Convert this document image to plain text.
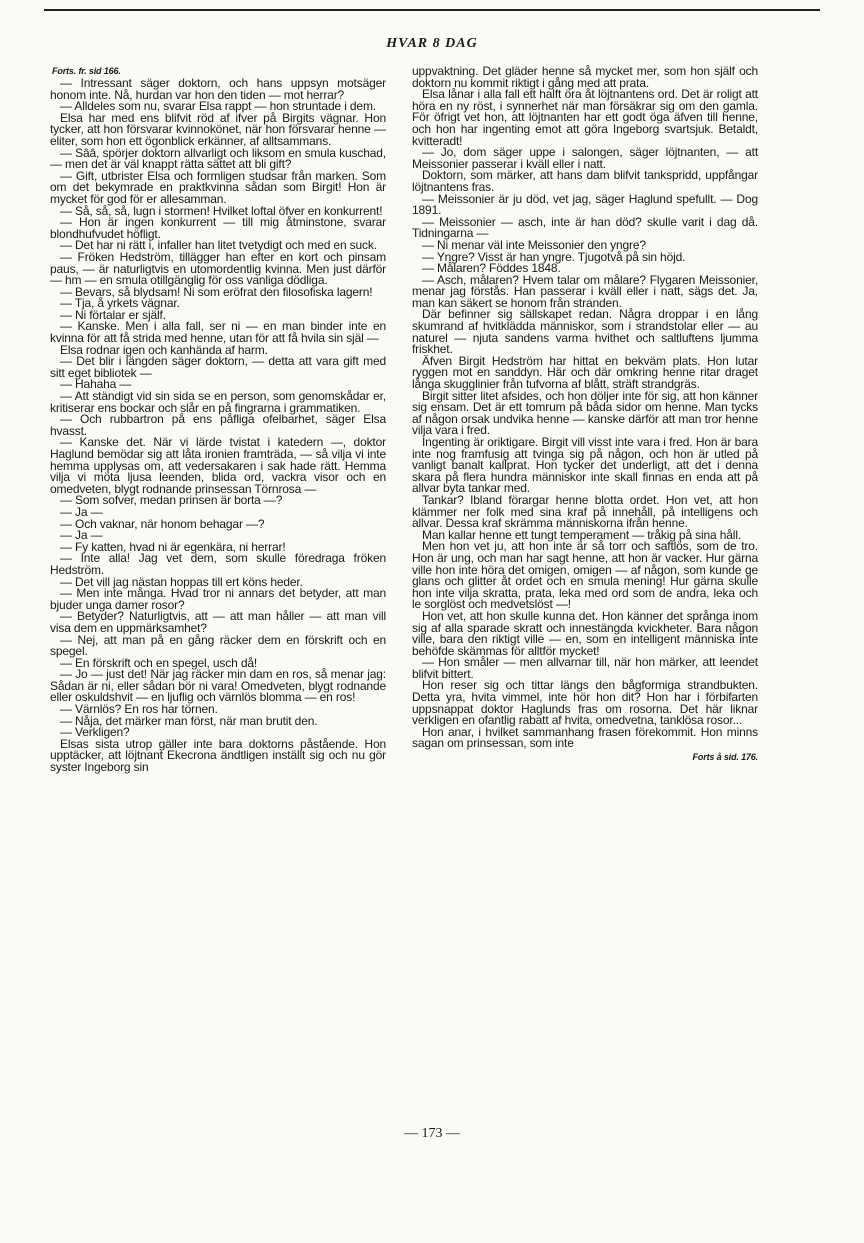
HVAR 8 DAG
Forts. fr. sid 166.

— Intressant säger doktorn, och hans uppsyn motsäger honom inte. Nå, hurdan var hon den tiden — mot herrar?

— Alldeles som nu, svarar Elsa rappt — hon struntade i dem.

Elsa har med ens blifvit röd af ifver på Birgits vägnar. Hon tycker, att hon försvarar kvinnokönet, när hon försvarar henne — eliter, som hon ett ögonblick erkänner, af alltsammans.

— Sââ, spörjer doktorn allvarligt och liksom en smula kuschad, — men det är väl knappt rätta sättet att bli gift?

— Gift, utbrister Elsa och formligen studsar från marken. Som om det bekymrade en praktkvinna sådan som Birgit! Hon är mycket för god för er allesamman.

— Så, så, så, lugn i stormen! Hvilket loftal öfver en konkurrent!

— Hon är ingen konkurrent — till mig åtminstone, svarar blondhufvudet höfligt.

— Det har ni rätt i, infaller han litet tvetydigt och med en suck.

— Fröken Hedström, tillägger han efter en kort och pinsam paus, — är naturligtvis en utomordentlig kvinna. Men just därför — hm — en smula otillgänglig för oss vanliga dödliga.

— Bevars, så blydsam! Ni som eröfrat den filosofiska lagern!

— Tja, å yrkets vägnar.

— Ni förtalar er själf.

— Kanske. Men i alla fall, ser ni — en man binder inte en kvinna för att få strida med henne, utan för att få hvila sin själ —

Elsa rodnar igen och kanhända af harm.

— Det blir i längden säger doktorn, — detta att vara gift med sitt eget bibliotek —

— Hahaha —

— Att ständigt vid sin sida se en person, som genomskådar er, kritiserar ens bockar och slår en på fingrarna i grammatiken.

— Och rubbartron på ens påfliga ofelbarhet, säger Elsa hvasst.

— Kanske det. När vi lärde tvistat i katedern —, doktor Haglund bemödar sig att låta ironien framträda, — så vilja vi inte hemma upplysas om, att vedersakaren i sak hade rätt. Hemma vilja vi möta ljusa leenden, blida ord, vackra visor och en omedveten, blygt rodnande prinsessan Törnrosa —

— Som sofver, medan prinsen är borta —?

— Ja —

— Och vaknar, när honom behagar —?

— Ja —

— Fy katten, hvad ni är egenkära, ni herrar!

— Inte alla! Jag vet dem, som skulle föredraga fröken Hedström.

— Det vill jag nästan hoppas till ert köns heder.

— Men inte många. Hvad tror ni annars det betyder, att man bjuder unga damer rosor?

— Betyder? Naturligtvis, att — att man håller — att man vill visa dem en uppmärksamhet?

— Nej, att man på en gång räcker dem en förskrift och en spegel.

— En förskrift och en spegel, usch då!

— Jo — just det! När jag räcker min dam en ros, så menar jag: Sådan är ni, eller sådan bör ni vara! Omedveten, blygt rodnande eller oskuldshvit — en ljuflig och värnlös blomma — en ros!

— Värnlös? En ros har törnen.

— Nåja, det märker man först, när man brutit den.

— Verkligen?

Elsas sista utrop gäller inte bara doktorns påstående. Hon upptäcker, att löjtnant Ekecrona ändtligen inställt sig och nu gör syster Ingeborg sin

uppvaktning. Det gläder henne så mycket mer, som hon själf och doktorn nu kommit riktigt i gång med att prata.

Elsa lånar i alla fall ett halft öra åt löjtnantens ord. Det är roligt att höra en ny röst, i synnerhet när man försäkrar sig om den gamla. För öfrigt vet hon, att löjtnanten har ett godt öga äfven till henne, och hon har ingenting emot att göra Ingeborg svartsjuk. Betaldt, kvitteradt!

— Jo, dom säger uppe i salongen, säger löjtnanten, — att Meissonier passerar i kväll eller i natt.

Doktorn, som märker, att hans dam blifvit tankspridd, uppfångar löjtnantens fras.

— Meissonier är ju död, vet jag, säger Haglund spefullt. — Dog 1891.

— Meissonier — asch, inte är han död? skulle varit i dag då. Tidningarna —

— Ni menar väl inte Meissonier den yngre?

— Yngre? Visst är han yngre. Tjugotvå på sin höjd.

— Målaren? Föddes 1848.

— Asch, målaren? Hvem talar om målare? Flygaren Meissonier, menar jag förstås. Han passerar i kväll eller i natt, sägs det. Ja, man kan säkert se honom från stranden.

Där befinner sig sällskapet redan. Några droppar i en lång skumrand af hvitklädda människor, som i strandstolar eller — au naturel — njuta sandens varma hvithet och saltluftens ljumma friskhet.

Äfven Birgit Hedström har hittat en bekväm plats. Hon lutar ryggen mot en sanddyn. Här och där omkring henne ritar draget långa skugglinier från tufvorna af blått, sträft strandgräs.

Birgit sitter litet afsides, och hon döljer inte för sig, att hon känner sig ensam. Det är ett tomrum på båda sidor om henne. Man tycks af någon orsak undvika henne — kanske därför att man tror henne vilja vara i fred.

Ingenting är oriktigare. Birgit vill visst inte vara i fred. Hon är bara inte nog framfusig att tvinga sig på någon, och hon är utled på vanligt banalt kallprat. Hon tycker det underligt, att det i denna skara på flera hundra människor inte skall finnas en enda att på allvar byta tankar med.

Tankar? Ibland förargar henne blotta ordet. Hon vet, att hon klämmer ner folk med sina kraf på innehåll, på intelligens och allvar. Dessa kraf skrämma människorna ifrån henne.

Man kallar henne ett tungt temperament — tråkig på sina håll.

Men hon vet ju, att hon inte är så torr och saftlös, som de tro. Hon är ung, och man har sagt henne, att hon är vacker. Hur gärna ville hon inte höra det omigen, omigen — af någon, som kunde ge glans och glitter åt ordet och en smula mening! Hur gärna skulle hon inte vilja skratta, prata, leka med ord som de andra, leka och le sorglöst och medvetslöst —!

Hon vet, att hon skulle kunna det. Hon känner det språnga inom sig af alla sparade skratt och innestängda kvickheter. Bara någon ville, bara den riktigt ville — en, som en intelligent människa inte behöfde skämmas för alltför mycket!

— Hon småler — men allvarnar till, när hon märker, att leendet blifvit bittert.

Hon reser sig och tittar längs den bågformiga strandbukten. Detta yra, hvita vimmel, inte hör hon dit? Hon har i förbifarten uppsnappat doktor Haglunds fras om rosorna. Det här liknar verkligen en ofantlig rabatt af hvita, omedvetna, tanklösa rosor...

Hon anar, i hvilket sammanhang frasen förekommit. Hon minns sagan om prinsessan, som inte

Forts å sid. 176.
— 173 —
